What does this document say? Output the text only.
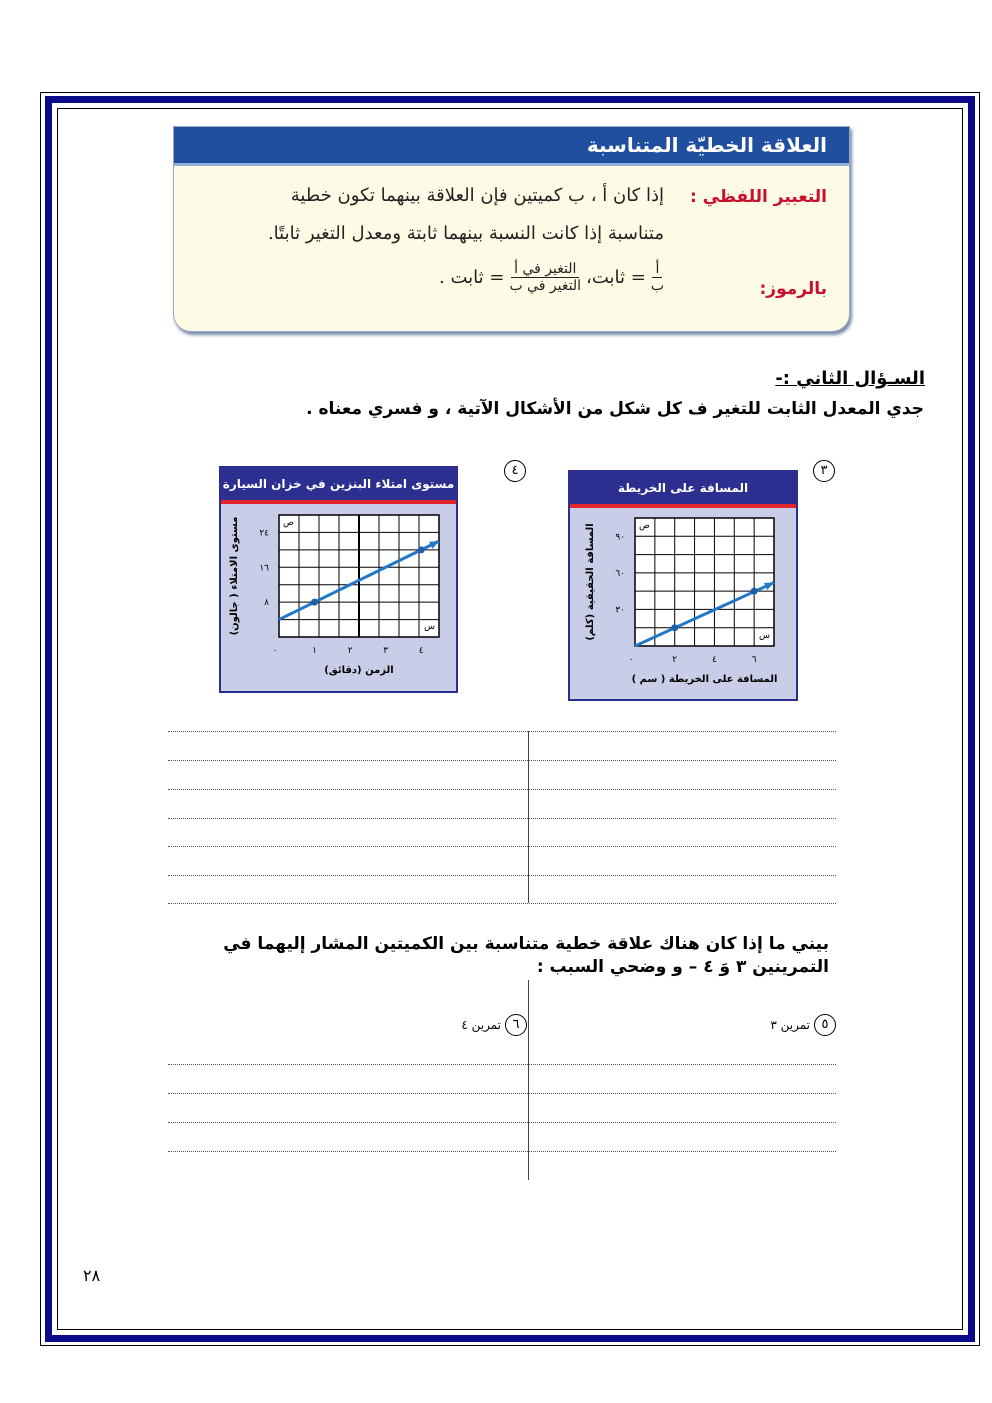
العلاقة الخطيّة المتناسبة
التعبير اللفظي :
إذا كان أ ، ب كميتين فإن العلاقة بينهما تكون خطية
متناسبة إذا كانت النسبة بينهما ثابتة ومعدل التغير ثابتًا.
بالرموز:
$\frac{\text{أ}}{\text{ب}}$
= ثابت،
$\frac{\text{التغير في أ}}{\text{التغير في ب}}$
= ثابت .
السـؤال الثاني :-
جدي المعدل الثابت للتغير ف كل شكل من الأشكال الآتية ، و فسري معناه .
٣
٤
٠	٢	٤	٦
٣٠
٦٠
٩٠
س
ص
المسافة على الخريطة ( سم )
المسافة الحقيقية (كلم)
المسافة على الخريطة
٠	١	٢	٣	٤
٨
١٦
٢٤
س
ص
الزمن (دقائق)
مستوى الامتلاء ( جالون)
مستوى امتلاء البنزين في خزان السيارة
بيني ما إذا كان هناك علاقة خطية متناسبة بين الكميتين المشار إليهما في
التمرينين ٣ وَ ٤ – و وضحي السبب :
٥
تمرين ٣
٦
تمرين ٤
٢٨
